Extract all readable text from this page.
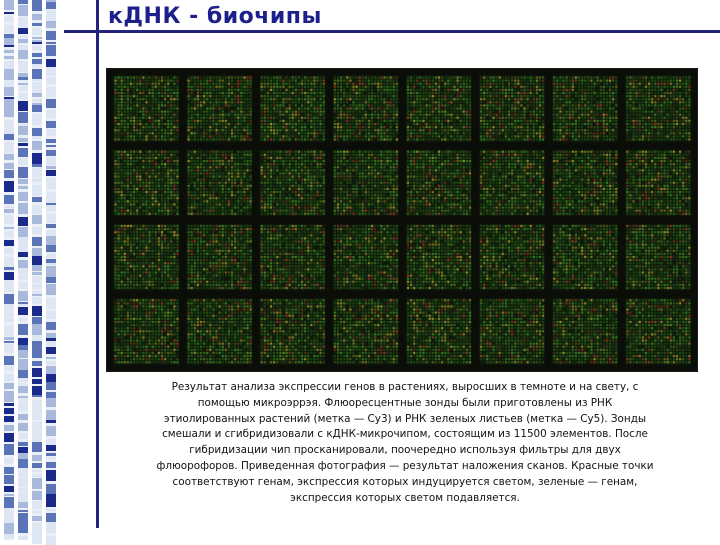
кДНК - биочипы
Результат анализа экспрессии генов в растениях, выросших в темноте и на свету, с
помощью микроэррэя. Флюоресцентные зонды были приготовлены из РНК
этиолированных растений (метка — Cy3) и РНК зеленых листьев (метка — Cy5). Зонды
смешали и сгибридизовали с кДНК-микрочипом, состоящим из 11500 элементов. После
гибридизации чип просканировали, поочередно используя фильтры для двух
флюорофоров. Приведенная фотография — результат наложения сканов. Красные точки
соответствуют генам, экспрессия которых индуцируется светом, зеленые — генам,
экспрессия которых светом подавляется.
